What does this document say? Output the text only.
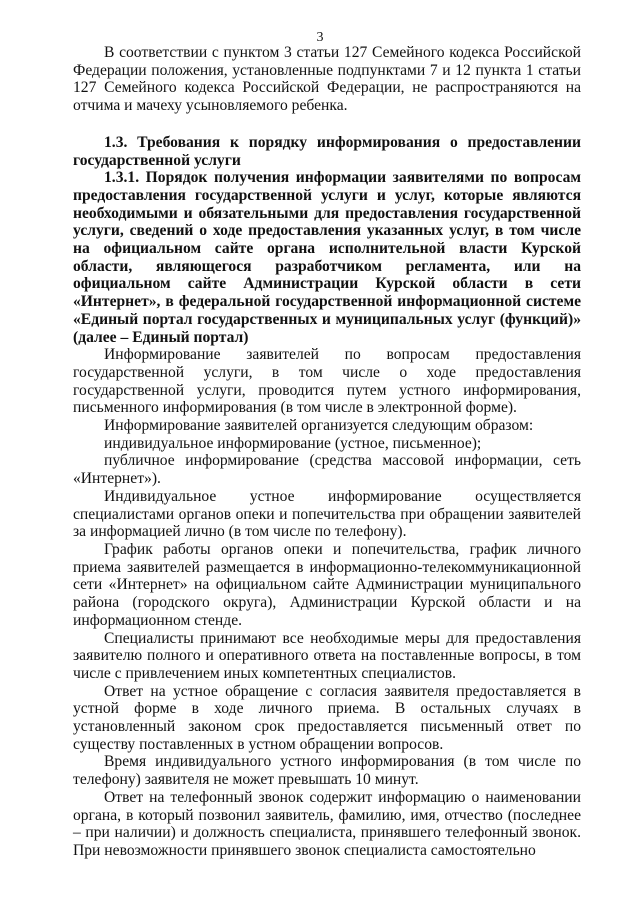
3

В соответствии с пунктом 3 статьи 127 Семейного кодекса Российской Федерации положения, установленные подпунктами 7 и 12 пункта 1 статьи 127 Семейного кодекса Российской Федерации, не распространяются на отчима и мачеху усыновляемого ребенка.

1.3. Требования к порядку информирования о предоставлении государственной услуги

1.3.1. Порядок получения информации заявителями по вопросам предоставления государственной услуги и услуг, которые являются необходимыми и обязательными для предоставления государственной услуги, сведений о ходе предоставления указанных услуг, в том числе на официальном сайте органа исполнительной власти Курской области, являющегося разработчиком регламента, или на официальном сайте Администрации Курской области в сети «Интернет», в федеральной государственной информационной системе «Единый портал государственных и муниципальных услуг (функций)» (далее – Единый портал)

Информирование заявителей по вопросам предоставления государственной услуги, в том числе о ходе предоставления государственной услуги, проводится путем устного информирования, письменного информирования (в том числе в электронной форме).

Информирование заявителей организуется следующим образом:

индивидуальное информирование (устное, письменное);

публичное информирование (средства массовой информации, сеть «Интернет»).

Индивидуальное устное информирование осуществляется специалистами органов опеки и попечительства при обращении заявителей за информацией лично (в том числе по телефону).

График работы органов опеки и попечительства, график личного приема заявителей размещается в информационно-телекоммуникационной сети «Интернет» на официальном сайте Администрации муниципального района (городского округа), Администрации Курской области и на информационном стенде.

Специалисты принимают все необходимые меры для предоставления заявителю полного и оперативного ответа на поставленные вопросы, в том числе с привлечением иных компетентных специалистов.

Ответ на устное обращение с согласия заявителя предоставляется в устной форме в ходе личного приема. В остальных случаях в установленный законом срок предоставляется письменный ответ по существу поставленных в устном обращении вопросов.

Время индивидуального устного информирования (в том числе по телефону) заявителя не может превышать 10 минут.

Ответ на телефонный звонок содержит информацию о наименовании органа, в который позвонил заявитель, фамилию, имя, отчество (последнее – при наличии) и должность специалиста, принявшего телефонный звонок. При невозможности принявшего звонок специалиста самостоятельно
